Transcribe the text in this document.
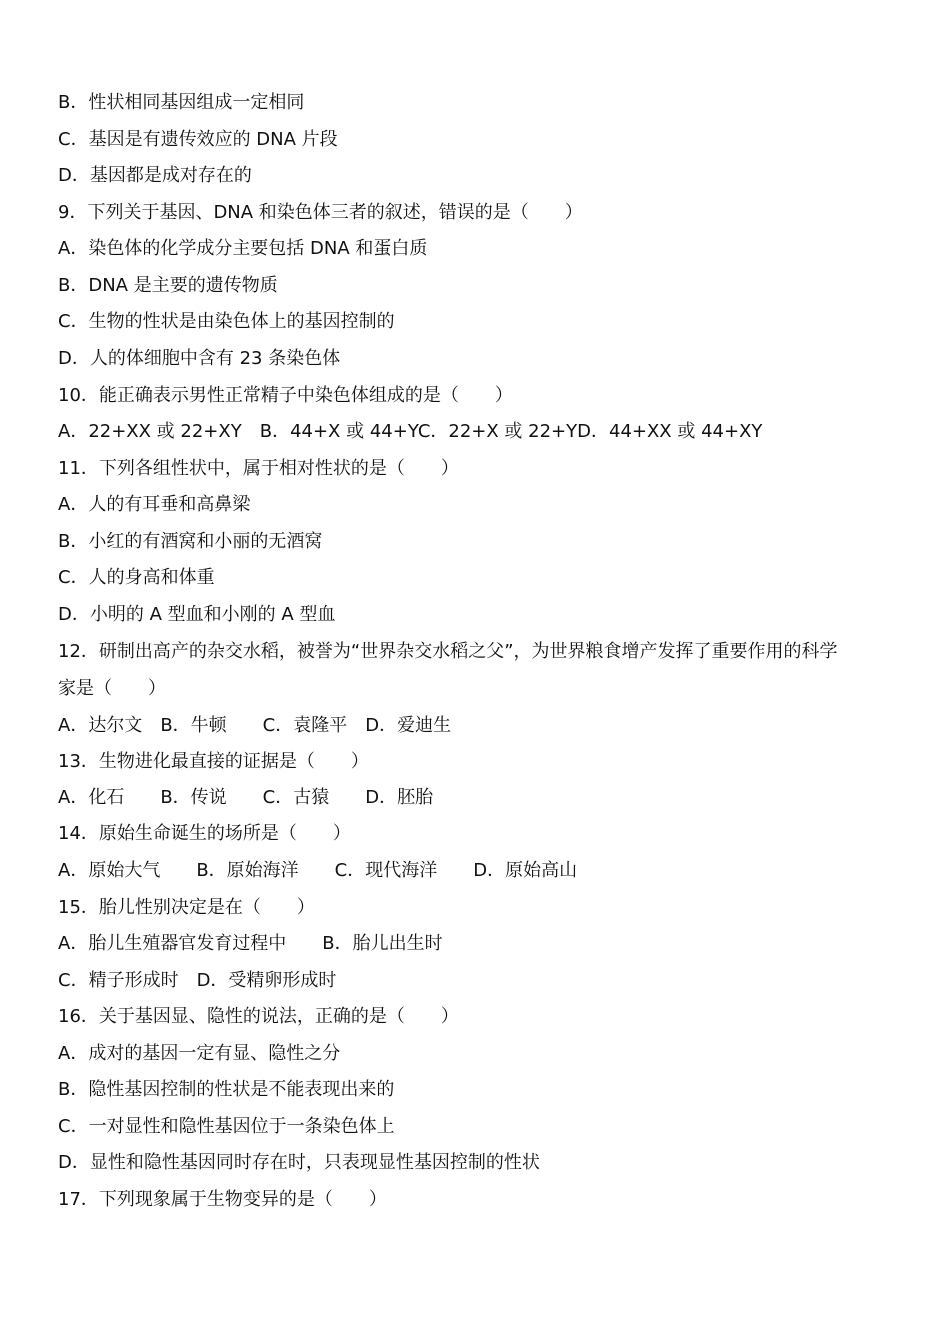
B．性状相同基因组成一定相同
C．基因是有遗传效应的 DNA 片段
D．基因都是成对存在的
9．下列关于基因、DNA 和染色体三者的叙述，错误的是（　　）
A．染色体的化学成分主要包括 DNA 和蛋白质
B．DNA 是主要的遗传物质
C．生物的性状是由染色体上的基因控制的
D．人的体细胞中含有 23 条染色体
10．能正确表示男性正常精子中染色体组成的是（　　）
A．22+XX 或 22+XY　B．44+X 或 44+YC．22+X 或 22+YD．44+XX 或 44+XY
11．下列各组性状中，属于相对性状的是（　　）
A．人的有耳垂和高鼻梁
B．小红的有酒窝和小丽的无酒窝
C．人的身高和体重
D．小明的 A 型血和小刚的 A 型血
12．研制出高产的杂交水稻，被誉为“世界杂交水稻之父”，为世界粮食增产发挥了重要作用的科学
家是（　　）
A．达尔文　B．牛顿　　C．袁隆平　D．爱迪生
13．生物进化最直接的证据是（　　）
A．化石　　B．传说　　C．古猿　　D．胚胎
14．原始生命诞生的场所是（　　）
A．原始大气　　B．原始海洋　　C．现代海洋　　D．原始高山
15．胎儿性别决定是在（　　）
A．胎儿生殖器官发育过程中　　B．胎儿出生时
C．精子形成时　D．受精卵形成时
16．关于基因显、隐性的说法，正确的是（　　）
A．成对的基因一定有显、隐性之分
B．隐性基因控制的性状是不能表现出来的
C．一对显性和隐性基因位于一条染色体上
D．显性和隐性基因同时存在时，只表现显性基因控制的性状
17．下列现象属于生物变异的是（　　）
